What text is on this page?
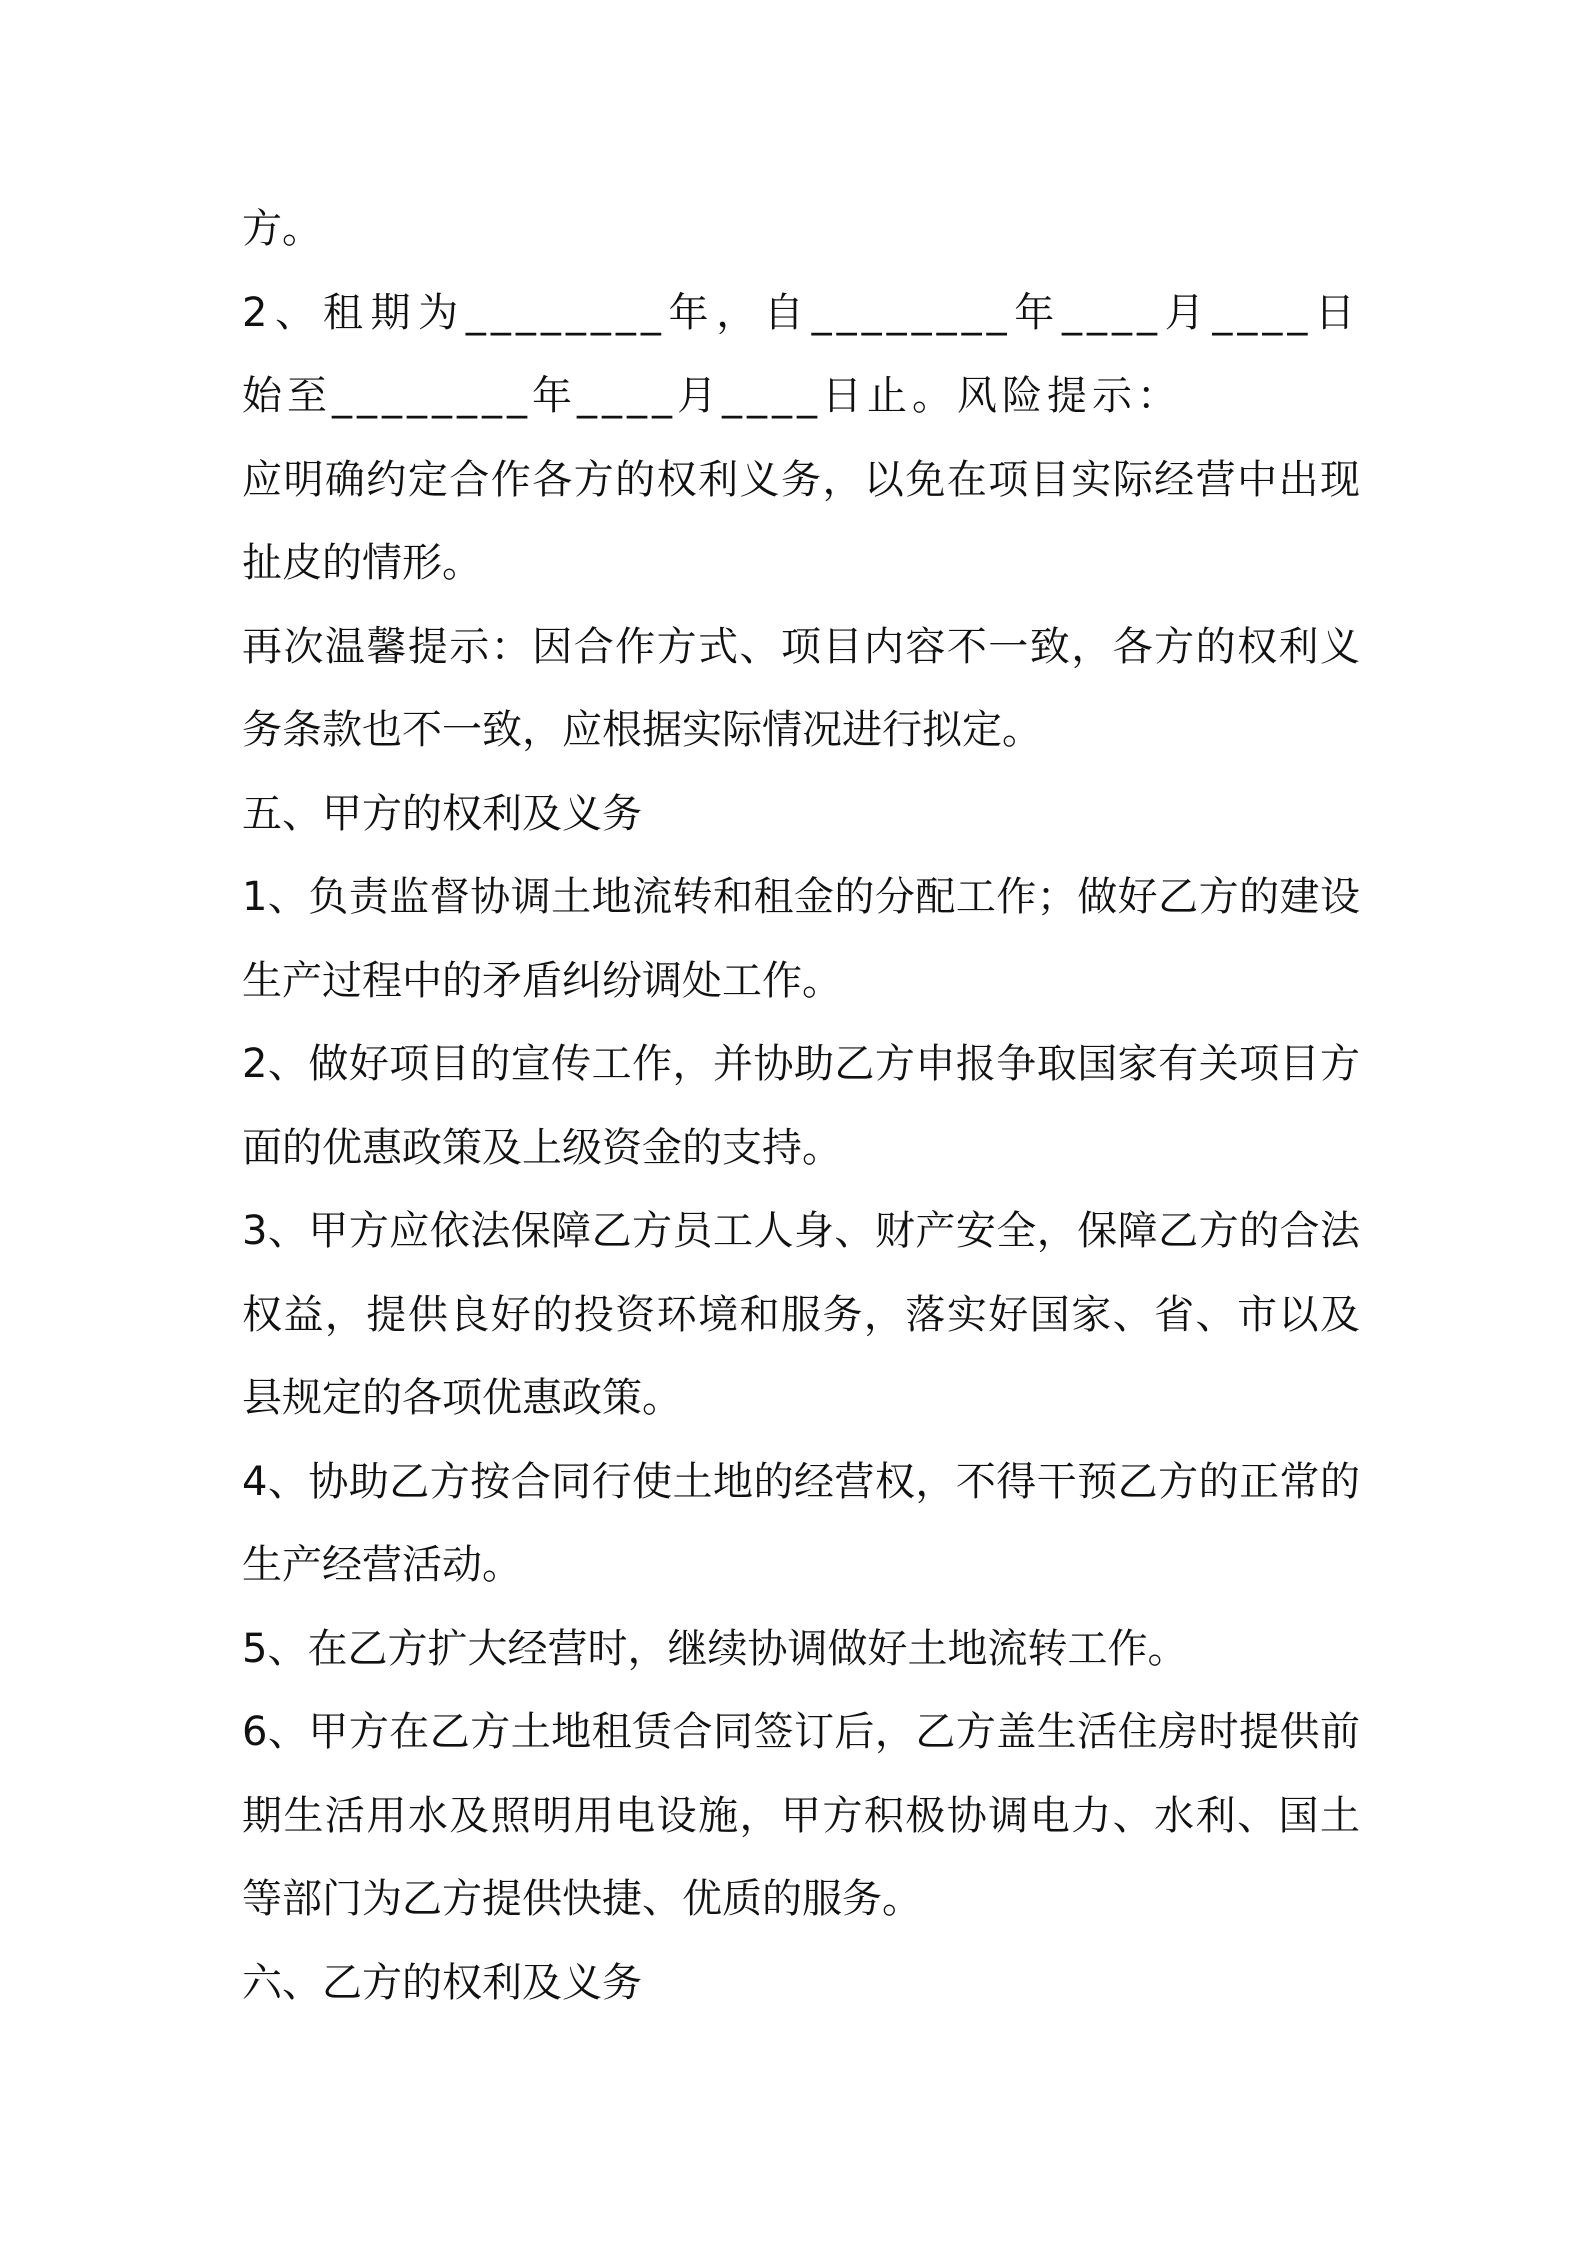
方。

2、租期为________年，自________年____月____日始至________年____月____日止。风险提示：

应明确约定合作各方的权利义务，以免在项目实际经营中出现扯皮的情形。

再次温馨提示：因合作方式、项目内容不一致，各方的权利义务条款也不一致，应根据实际情况进行拟定。

五、甲方的权利及义务

1、负责监督协调土地流转和租金的分配工作；做好乙方的建设生产过程中的矛盾纠纷调处工作。

2、做好项目的宣传工作，并协助乙方申报争取国家有关项目方面的优惠政策及上级资金的支持。

3、甲方应依法保障乙方员工人身、财产安全，保障乙方的合法权益，提供良好的投资环境和服务，落实好国家、省、市以及县规定的各项优惠政策。

4、协助乙方按合同行使土地的经营权，不得干预乙方的正常的生产经营活动。

5、在乙方扩大经营时，继续协调做好土地流转工作。

6、甲方在乙方土地租赁合同签订后，乙方盖生活住房时提供前期生活用水及照明用电设施，甲方积极协调电力、水利、国土等部门为乙方提供快捷、优质的服务。

六、乙方的权利及义务
